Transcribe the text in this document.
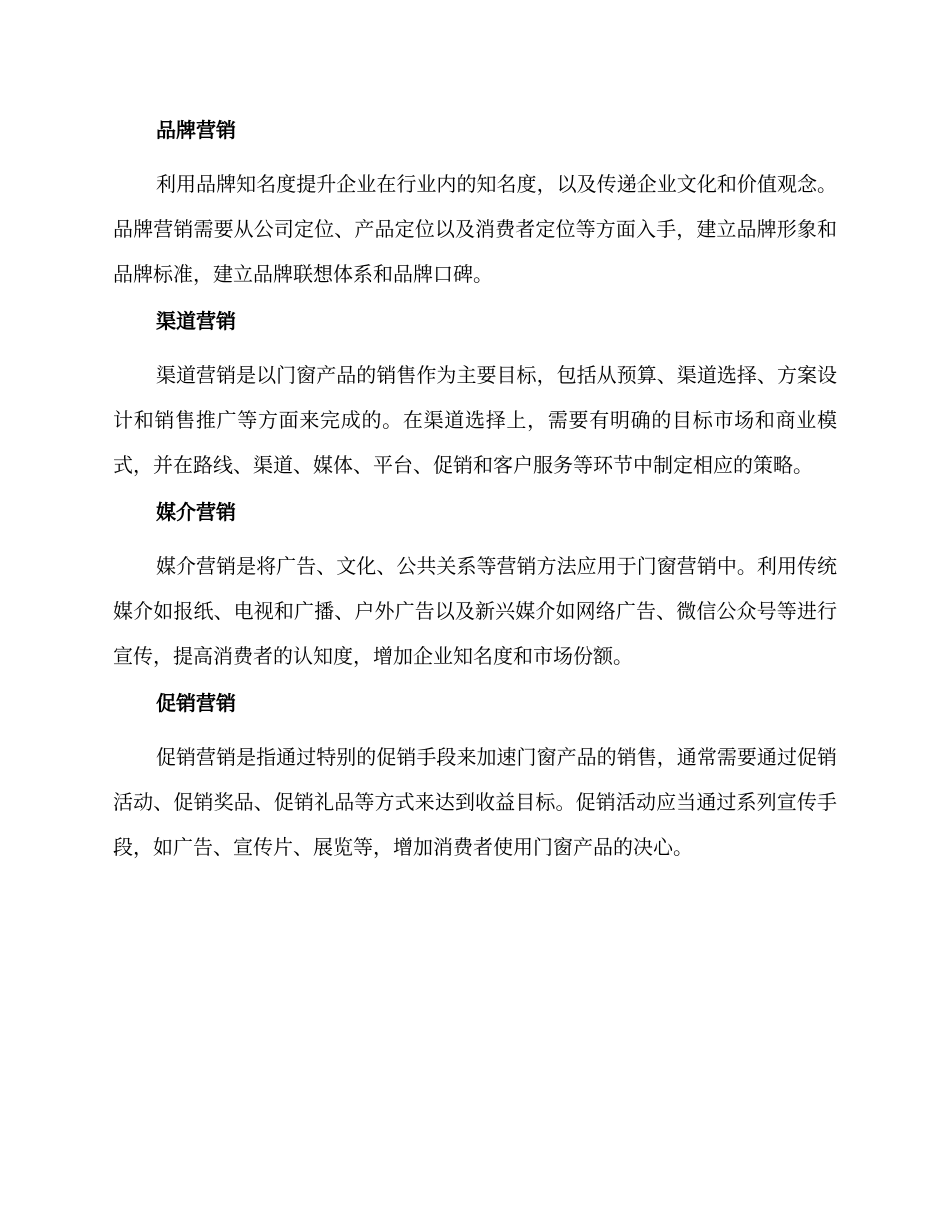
品牌营销

利用品牌知名度提升企业在行业内的知名度，以及传递企业文化和价值观念。品牌营销需要从公司定位、产品定位以及消费者定位等方面入手，建立品牌形象和品牌标准，建立品牌联想体系和品牌口碑。

渠道营销

渠道营销是以门窗产品的销售作为主要目标，包括从预算、渠道选择、方案设计和销售推广等方面来完成的。在渠道选择上，需要有明确的目标市场和商业模式，并在路线、渠道、媒体、平台、促销和客户服务等环节中制定相应的策略。

媒介营销

媒介营销是将广告、文化、公共关系等营销方法应用于门窗营销中。利用传统媒介如报纸、电视和广播、户外广告以及新兴媒介如网络广告、微信公众号等进行宣传，提高消费者的认知度，增加企业知名度和市场份额。

促销营销

促销营销是指通过特别的促销手段来加速门窗产品的销售，通常需要通过促销活动、促销奖品、促销礼品等方式来达到收益目标。促销活动应当通过系列宣传手段，如广告、宣传片、展览等，增加消费者使用门窗产品的决心。
